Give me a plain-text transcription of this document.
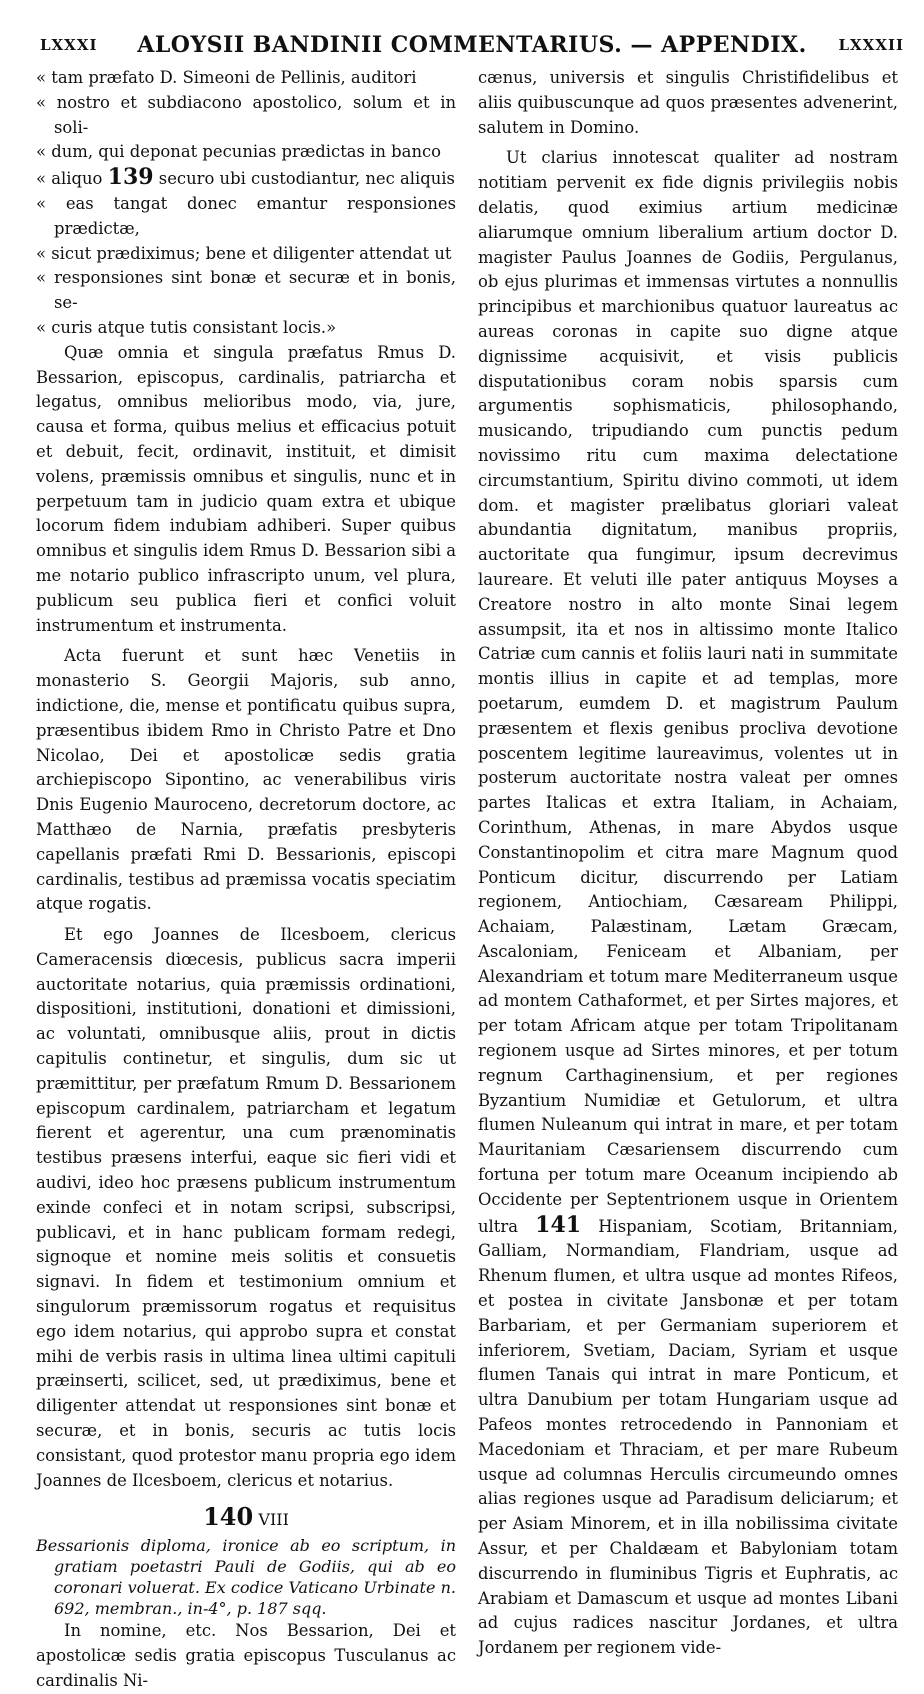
LXXXI	ALOYSII BANDINII COMMENTARIUS. — APPENDIX.	LXXXII

« tam præfato D. Simeoni de Pellinis, auditori

« nostro et subdiacono apostolico, solum et in soli-

« dum, qui deponat pecunias prædictas in banco

« aliquo 139 securo ubi custodiantur, nec aliquis

« eas tangat donec emantur responsiones prædictæ,

« sicut prædiximus; bene et diligenter attendat ut

« responsiones sint bonæ et securæ et in bonis, se-

« curis atque tutis consistant locis.»

Quæ omnia et singula præfatus Rmus D. Bessarion, episcopus, cardinalis, patriarcha et legatus, omnibus melioribus modo, via, jure, causa et forma, quibus melius et efficacius potuit et debuit, fecit, ordinavit, instituit, et dimisit volens, præmissis omnibus et singulis, nunc et in perpetuum tam in judicio quam extra et ubique locorum fidem indubiam adhiberi. Super quibus omnibus et singulis idem Rmus D. Bessarion sibi a me notario publico infrascripto unum, vel plura, publicum seu publica fieri et confici voluit instrumentum et instrumenta.

Acta fuerunt et sunt hæc Venetiis in monasterio S. Georgii Majoris, sub anno, indictione, die, mense et pontificatu quibus supra, præsentibus ibidem Rmo in Christo Patre et Dno Nicolao, Dei et apostolicæ sedis gratia archiepiscopo Sipontino, ac venerabilibus viris Dnis Eugenio Mauroceno, decretorum doctore, ac Matthæo de Narnia, præfatis presbyteris capellanis præfati Rmi D. Bessarionis, episcopi cardinalis, testibus ad præmissa vocatis speciatim atque rogatis.

Et ego Joannes de Ilcesboem, clericus Cameracensis diœcesis, publicus sacra imperii auctoritate notarius, quia præmissis ordinationi, dispositioni, institutioni, donationi et dimissioni, ac voluntati, omnibusque aliis, prout in dictis capitulis continetur, et singulis, dum sic ut præmittitur, per præfatum Rmum D. Bessarionem episcopum cardinalem, patriarcham et legatum fierent et agerentur, una cum prænominatis testibus præsens interfui, eaque sic fieri vidi et audivi, ideo hoc præsens publicum instrumentum exinde confeci et in notam scripsi, subscripsi, publicavi, et in hanc publicam formam redegi, signoque et nomine meis solitis et consuetis signavi. In fidem et testimonium omnium et singulorum præmissorum rogatus et requisitus ego idem notarius, qui approbo supra et constat mihi de verbis rasis in ultima linea ultimi capituli præinserti, scilicet, sed, ut prædiximus, bene et diligenter attendat ut responsiones sint bonæ et securæ, et in bonis, securis ac tutis locis consistant, quod protestor manu propria ego idem Joannes de Ilcesboem, clericus et notarius.

140 VIII

Bessarionis diploma, ironice ab eo scriptum, in gratiam poetastri Pauli de Godiis, qui ab eo coronari voluerat. Ex codice Vaticano Urbinate n. 692, membran., in-4°, p. 187 sqq.

In nomine, etc. Nos Bessarion, Dei et apostolicæ sedis gratia episcopus Tusculanus ac cardinalis Ni-

cænus, universis et singulis Christifidelibus et aliis quibuscunque ad quos præsentes advenerint, salutem in Domino.

Ut clarius innotescat qualiter ad nostram notitiam pervenit ex fide dignis privilegiis nobis delatis, quod eximius artium medicinæ aliarumque omnium liberalium artium doctor D. magister Paulus Joannes de Godiis, Pergulanus, ob ejus plurimas et immensas virtutes a nonnullis principibus et marchionibus quatuor laureatus ac aureas coronas in capite suo digne atque dignissime acquisivit, et visis publicis disputationibus coram nobis sparsis cum argumentis sophismaticis, philosophando, musicando, tripudiando cum punctis pedum novissimo ritu cum maxima delectatione circumstantium, Spiritu divino commoti, ut idem dom. et magister prælibatus gloriari valeat abundantia dignitatum, manibus propriis, auctoritate qua fungimur, ipsum decrevimus laureare. Et veluti ille pater antiquus Moyses a Creatore nostro in alto monte Sinai legem assumpsit, ita et nos in altissimo monte Italico Catriæ cum cannis et foliis lauri nati in summitate montis illius in capite et ad templas, more poetarum, eumdem D. et magistrum Paulum præsentem et flexis genibus procliva devotione poscentem legitime laureavimus, volentes ut in posterum auctoritate nostra valeat per omnes partes Italicas et extra Italiam, in Achaiam, Corinthum, Athenas, in mare Abydos usque Constantinopolim et citra mare Magnum quod Ponticum dicitur, discurrendo per Latiam regionem, Antiochiam, Cæsaream Philippi, Achaiam, Palæstinam, Lætam Græcam, Ascaloniam, Feniceam et Albaniam, per Alexandriam et totum mare Mediterraneum usque ad montem Cathaformet, et per Sirtes majores, et per totam Africam atque per totam Tripolitanam regionem usque ad Sirtes minores, et per totum regnum Carthaginensium, et per regiones Byzantium Numidiæ et Getulorum, et ultra flumen Nuleanum qui intrat in mare, et per totam Mauritaniam Cæsariensem discurrendo cum fortuna per totum mare Oceanum incipiendo ab Occidente per Septentrionem usque in Orientem ultra 141 Hispaniam, Scotiam, Britanniam, Galliam, Normandiam, Flandriam, usque ad Rhenum flumen, et ultra usque ad montes Rifeos, et postea in civitate Jansbonæ et per totam Barbariam, et per Germaniam superiorem et inferiorem, Svetiam, Daciam, Syriam et usque flumen Tanais qui intrat in mare Ponticum, et ultra Danubium per totam Hungariam usque ad Pafeos montes retrocedendo in Pannoniam et Macedoniam et Thraciam, et per mare Rubeum usque ad columnas Herculis circumeundo omnes alias regiones usque ad Paradisum deliciarum; et per Asiam Minorem, et in illa nobilissima civitate Assur, et per Chaldæam et Babyloniam totam discurrendo in fluminibus Tigris et Euphratis, ac Arabiam et Damascum et usque ad montes Libani ad cujus radices nascitur Jordanes, et ultra Jordanem per regionem vide-
